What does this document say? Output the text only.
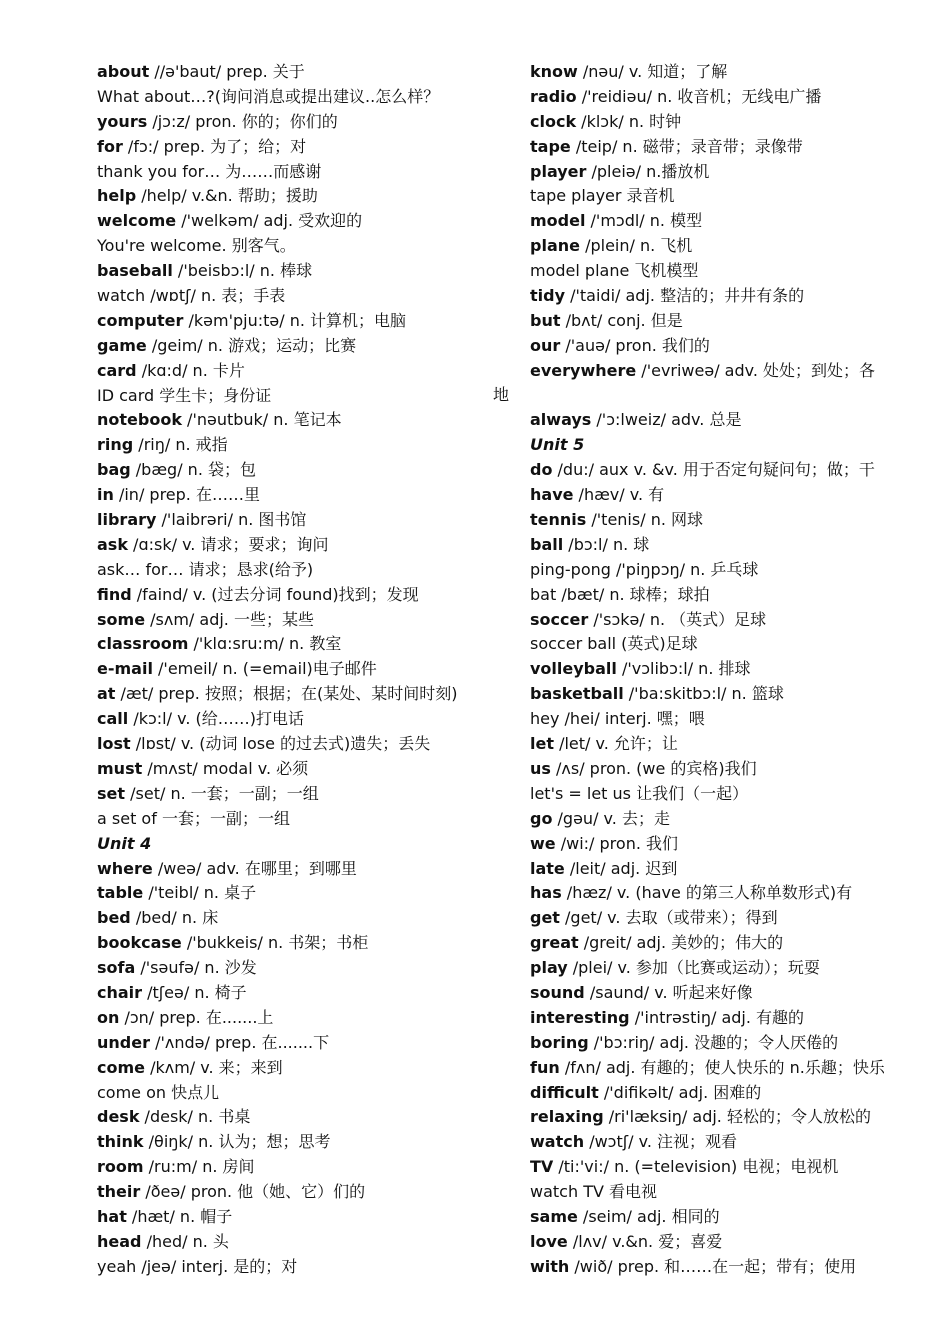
about //ə'baut/ prep. 关于
What about…?(询问消息或提出建议..怎么样？
yours /jɔ:z/ pron. 你的；你们的
for /fɔ:/ prep. 为了；给；对
thank you for… 为……而感谢
help /help/ v.&n. 帮助；援助
welcome /'welkəm/ adj. 受欢迎的
You're welcome. 别客气。
baseball /'beisbɔ:l/ n. 棒球
watch /wɒtʃ/ n. 表；手表
computer /kəm'pju:tə/ n. 计算机；电脑
game /geim/ n. 游戏；运动；比赛
card /kɑ:d/ n. 卡片
ID card 学生卡；身份证
notebook /'nəutbuk/ n. 笔记本
ring /riŋ/ n. 戒指
bag /bæg/ n. 袋；包
in /in/ prep. 在……里
library /'laibrəri/ n. 图书馆
ask /ɑ:sk/ v. 请求；要求；询问
ask… for… 请求；恳求(给予)
find /faind/ v. (过去分词 found)找到；发现
some /sʌm/ adj. 一些；某些
classroom /'klɑ:sru:m/ n. 教室
e-mail /'emeil/ n. (=email)电子邮件
at /æt/ prep. 按照；根据；在(某处、某时间时刻)
call /kɔ:l/ v. (给……)打电话
lost /lɒst/ v. (动词 lose 的过去式)遗失；丢失
must /mʌst/ modal v. 必须
set /set/ n. 一套；一副；一组
a set of 一套；一副；一组
Unit 4
where /weə/ adv. 在哪里；到哪里
table /'teibl/ n. 桌子
bed /bed/ n. 床
bookcase /'bukkeis/ n. 书架；书柜
sofa /'səufə/ n. 沙发
chair /tʃeə/ n. 椅子
on /ɔn/ prep. 在.......上
under /'ʌndə/ prep. 在.......下
come /kʌm/ v. 来；来到
come on 快点儿
desk /desk/ n. 书桌
think /θiŋk/ n. 认为；想；思考
room /ru:m/ n. 房间
their /ðeə/ pron. 他（她、它）们的
hat /hæt/ n. 帽子
head /hed/ n. 头
yeah /jeə/ interj. 是的；对
know /nəu/ v. 知道；了解
radio /'reidiəu/ n. 收音机；无线电广播
clock /klɔk/ n. 时钟
tape /teip/ n. 磁带；录音带；录像带
player /pleiə/ n.播放机
tape player 录音机
model /'mɔdl/ n. 模型
plane /plein/ n. 飞机
model plane 飞机模型
tidy /'taidi/ adj. 整洁的；井井有条的
but /bʌt/ conj. 但是
our /'auə/ pron. 我们的
everywhere /'evriweə/ adv. 处处；到处；各
always /'ɔ:lweiz/ adv. 总是
Unit 5
do /du:/ aux v. &v. 用于否定句疑问句；做；干
have /hæv/ v. 有
tennis /'tenis/ n. 网球
ball /bɔ:l/ n. 球
ping-pong /'piŋpɔŋ/ n. 乒乓球
bat /bæt/ n. 球棒；球拍
soccer /'sɔkə/ n. （英式）足球
soccer ball (英式)足球
volleyball /'vɔlibɔ:l/ n. 排球
basketball /'ba:skitbɔ:l/ n. 篮球
hey /hei/ interj. 嘿；喂
let /let/ v. 允许；让
us /ʌs/ pron. (we 的宾格)我们
let's = let us 让我们（一起）
go /gəu/ v. 去；走
we /wi:/ pron. 我们
late /leit/ adj. 迟到
has /hæz/ v. (have 的第三人称单数形式)有
get /get/ v. 去取（或带来）；得到
great /greit/ adj. 美妙的；伟大的
play /plei/ v. 参加（比赛或运动）；玩耍
sound /saund/ v. 听起来好像
interesting /'intrəstiŋ/ adj. 有趣的
boring /'bɔ:riŋ/ adj. 没趣的；令人厌倦的
fun /fʌn/ adj. 有趣的；使人快乐的 n.乐趣；快乐
difficult /'difikəlt/ adj. 困难的
relaxing /ri'læksiŋ/ adj. 轻松的；令人放松的
watch /wɔtʃ/ v. 注视；观看
TV /ti:'vi:/ n. (=television) 电视；电视机
watch TV 看电视
same /seim/ adj. 相同的
love /lʌv/ v.&n. 爱；喜爱
with /wið/ prep. 和……在一起；带有；使用
地
